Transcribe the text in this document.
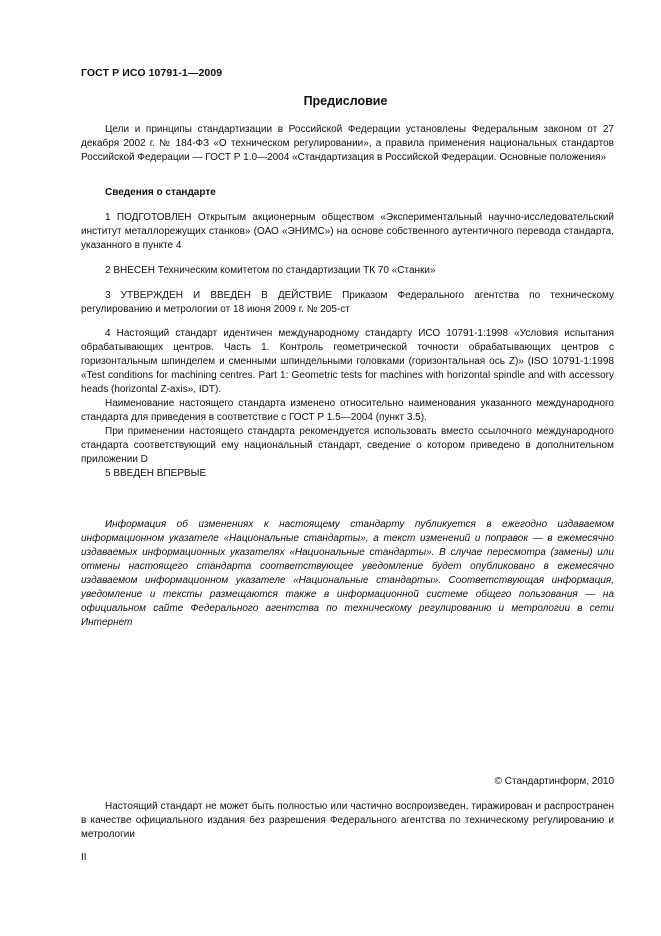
ГОСТ Р ИСО 10791-1—2009
Предисловие

Цели и принципы стандартизации в Российской Федерации установлены Федеральным законом от 27 декабря 2002 г. № 184-ФЗ «О техническом регулировании», а правила применения национальных стандартов Российской Федерации — ГОСТ Р 1.0—2004 «Стандартизация в Российской Федерации. Основные положения»

Сведения о стандарте

1 ПОДГОТОВЛЕН Открытым акционерным обществом «Экспериментальный научно-исследовательский институт металлорежущих станков» (ОАО «ЭНИМС») на основе собственного аутентичного перевода стандарта, указанного в пункте 4

2 ВНЕСЕН Техническим комитетом по стандартизации ТК 70 «Станки»

3 УТВЕРЖДЕН И ВВЕДЕН В ДЕЙСТВИЕ Приказом Федерального агентства по техническому регулированию и метрологии от 18 июня 2009 г. № 205-ст

4 Настоящий стандарт идентичен международному стандарту ИСО 10791-1:1998 «Условия испытания обрабатывающих центров. Часть 1. Контроль геометрической точности обрабатывающих центров с горизонтальным шпинделем и сменными шпиндельными головками (горизонтальная ось Z)» (ISO 10791-1:1998 «Test conditions for machining centres. Part 1: Geometric tests for machines with horizontal spindle and with accessory heads (horizontal Z-axis», IDT).

Наименование настоящего стандарта изменено относительно наименования указанного международного стандарта для приведения в соответствие с ГОСТ Р 1.5—2004 (пункт 3.5).

При применении настоящего стандарта рекомендуется использовать вместо ссылочного международного стандарта соответствующий ему национальный стандарт, сведение о котором приведено в дополнительном приложении D

5 ВВЕДЕН ВПЕРВЫЕ

Информация об изменениях к настоящему стандарту публикуется в ежегодно издаваемом информационном указателе «Национальные стандарты», а текст изменений и поправок — в ежемесячно издаваемых информационных указателях «Национальные стандарты». В случае пересмотра (замены) или отмены настоящего стандарта соответствующее уведомление будет опубликовано в ежемесячно издаваемом информационном указателе «Национальные стандарты». Соответствующая информация, уведомление и тексты размещаются также в информационной системе общего пользования — на официальном сайте Федерального агентства по техническому регулированию и метрологии в сети Интернет

© Стандартинформ, 2010

Настоящий стандарт не может быть полностью или частично воспроизведен, тиражирован и распространен в качестве официального издания без разрешения Федерального агентства по техническому регулированию и метрологии

II
